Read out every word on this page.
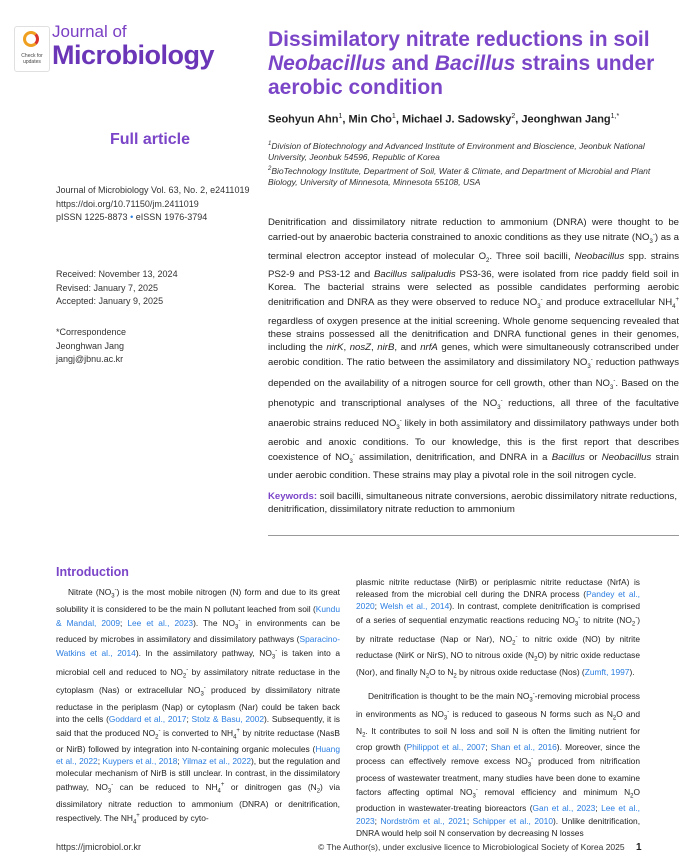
Check for updates
Journal of
Microbiology
Dissimilatory nitrate reductions in soil
Neobacillus and Bacillus strains under
aerobic condition
Seohyun Ahn$^1$, Min Cho$^1$, Michael J. Sadowsky$^2$, Jeonghwan Jang$^{1,*}$

$^1$Division of Biotechnology and Advanced Institute of Environment and Bioscience, Jeonbuk National University, Jeonbuk 54596, Republic of Korea

$^2$BioTechnology Institute, Department of Soil, Water & Climate, and Department of Microbial and Plant Biology, University of Minnesota, Minnesota 55108, USA

Full article
Journal of Microbiology Vol. 63, No. 2, e2411019
https://doi.org/10.71150/jm.2411019
pISSN 1225-8873 • eISSN 1976-3794
Received: November 13, 2024
Revised: January 7, 2025
Accepted: January 9, 2025
*Correspondence
Jeonghwan Jang
jangj@jbnu.ac.kr
Denitrification and dissimilatory nitrate reduction to ammonium (DNRA) were thought to be carried-out by anaerobic bacteria constrained to anoxic conditions as they use nitrate $(NO_3^-)$ as a terminal electron acceptor instead of molecular $O_2$. Three soil bacilli, Neobacillus spp. strains PS2-9 and PS3-12 and Bacillus salipaludis PS3-36, were isolated from rice paddy field soil in Korea. The bacterial strains were selected as possible candidates performing aerobic denitrification and DNRA as they were observed to reduce $NO_3^-$ and produce extracellular $NH_4^+$ regardless of oxygen presence at the initial screening. Whole genome sequencing revealed that these strains possessed all the denitrification and DNRA functional genes in their genomes, including the nirK, nosZ, nirB, and nrfA genes, which were simultaneously cotranscribed under aerobic condition. The ratio between the assimilatory and dissimilatory $NO_3^-$ reduction pathways depended on the availability of a nitrogen source for cell growth, other than $NO_3^-$. Based on the phenotypic and transcriptional analyses of the $NO_3^-$ reductions, all three of the facultative anaerobic strains reduced $NO_3^-$ likely in both assimilatory and dissimilatory pathways under both aerobic and anoxic conditions. To our knowledge, this is the first report that describes coexistence of $NO_3^-$ assimilation, denitrification, and DNRA in a Bacillus or Neobacillus strain under aerobic condition. These strains may play a pivotal role in the soil nitrogen cycle.
Keywords: soil bacilli, simultaneous nitrate conversions, aerobic dissimilatory nitrate reductions, denitrification, dissimilatory nitrate reduction to ammonium
Introduction

Nitrate $(NO_3^-)$ is the most mobile nitrogen (N) form and due to its great solubility it is considered to be the main N pollutant leached from soil (Kundu & Mandal, 2009; Lee et al., 2023). The $NO_3^-$ in environments can be reduced by microbes in assimilatory and dissimilatory pathways (Sparacino-Watkins et al., 2014). In the assimilatory pathway, $NO_3^-$ is taken into a microbial cell and reduced to $NO_2^-$ by assimilatory nitrate reductase in the cytoplasm (Nas) or extracellular $NO_3^-$ produced by dissimilatory nitrate reductase in the periplasm (Nap) or cytoplasm (Nar) could be taken back into the cells (Goddard et al., 2017; Stolz & Basu, 2002). Subsequently, it is said that the produced $NO_2^-$ is converted to $NH_4^+$ by nitrite reductase (NasB or NirB) followed by integration into N-containing organic molecules (Huang et al., 2022; Kuypers et al., 2018; Yilmaz et al., 2022), but the regulation and molecular mechanism of NirB is still unclear. In contrast, in the dissimilatory pathway, $NO_3^-$ can be reduced to $NH_4^+$ or dinitrogen gas $(N_2)$ via dissimilatory nitrate reduction to ammonium (DNRA) or denitrification, respectively. The $NH_4^+$ produced by cyto-

plasmic nitrite reductase (NirB) or periplasmic nitrite reductase (NrfA) is released from the microbial cell during the DNRA process (Pandey et al., 2020; Welsh et al., 2014). In contrast, complete denitrification is comprised of a series of sequential enzymatic reactions reducing $NO_3^-$ to nitrite $(NO_2^-)$ by nitrate reductase (Nap or Nar), $NO_2^-$ to nitric oxide (NO) by nitrite reductase (NirK or NirS), NO to nitrous oxide $(N_2O)$ by nitric oxide reductase (Nor), and finally $N_2O$ to $N_2$ by nitrous oxide reductase (Nos) (Zumft, 1997).

Denitrification is thought to be the main $NO_3^-$-removing microbial process in environments as $NO_3^-$ is reduced to gaseous N forms such as $N_2O$ and $N_2$. It contributes to soil N loss and soil N is often the limiting nutrient for crop growth (Philippot et al., 2007; Shan et al., 2016). Moreover, since the process can effectively remove excess $NO_3^-$ produced from nitrification process of wastewater treatment, many studies have been done to examine factors affecting optimal $NO_3^-$ removal efficiency and minimum $N_2O$ production in wastewater-treating bioreactors (Gan et al., 2023; Lee et al., 2023; Nordström et al., 2021; Schipper et al., 2010). Unlike denitrification, DNRA would help soil N conservation by decreasing N losses

https://jmicrobiol.or.kr	© The Author(s), under exclusive licence to Microbiological Society of Korea 2025 1
